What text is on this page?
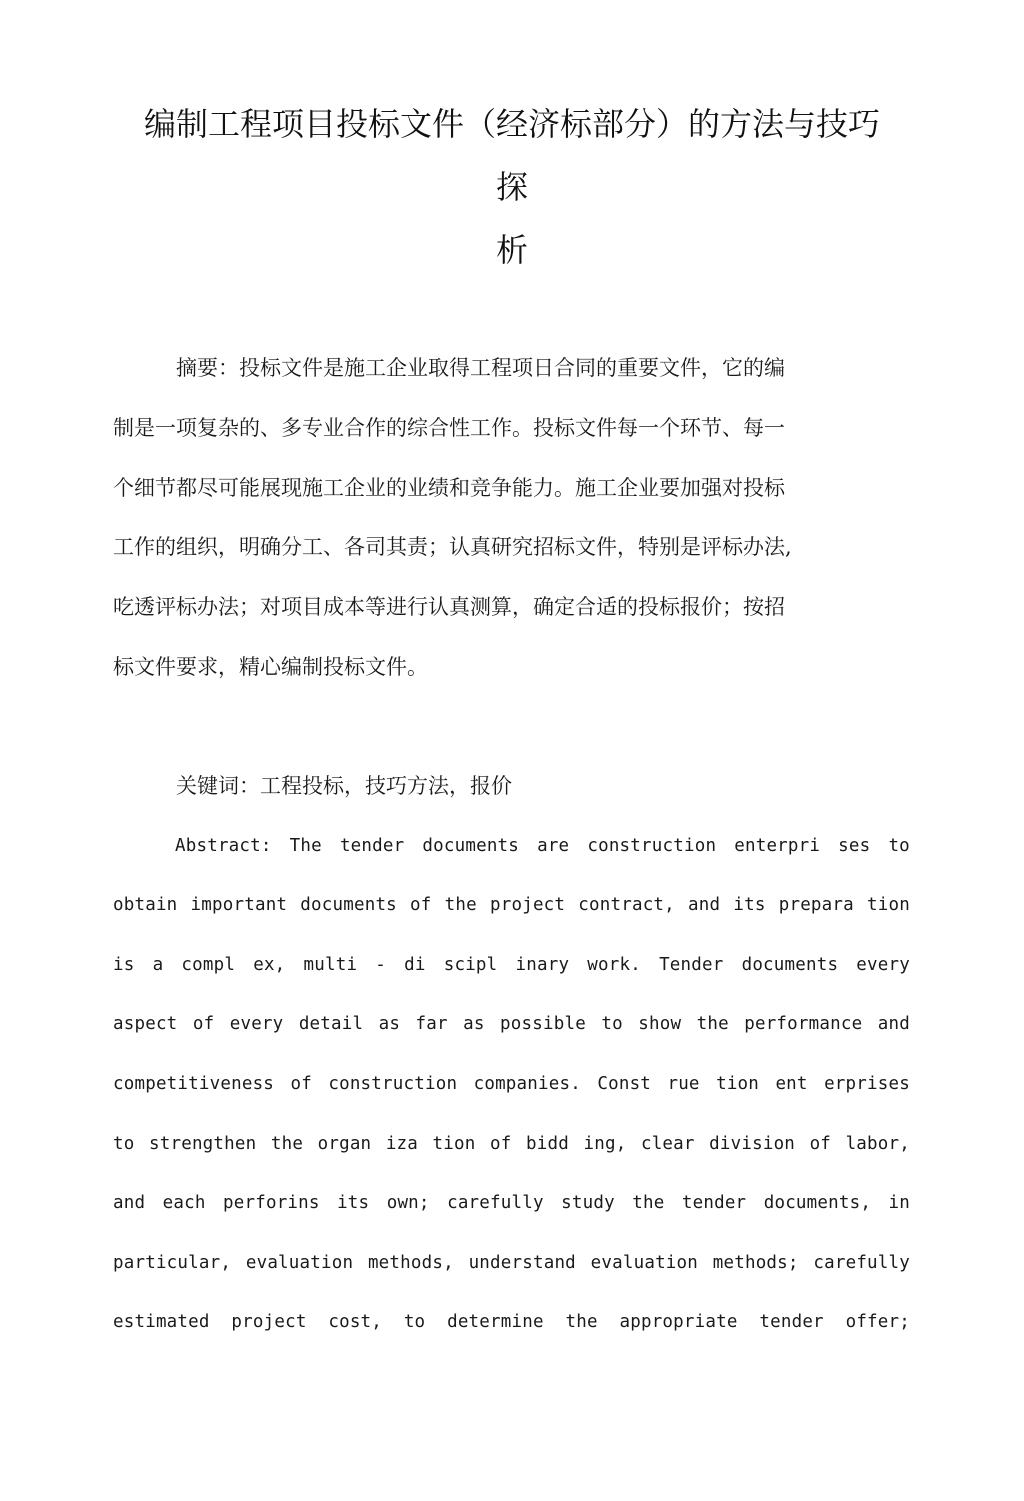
编制工程项目投标文件（经济标部分）的方法与技巧
探
析
摘要：投标文件是施工企业取得工程项日合同的重要文件，它的编
制是一项复杂的、多专业合作的综合性工作。投标文件每一个环节、每一
个细节都尽可能展现施工企业的业绩和竞争能力。施工企业要加强对投标
工作的组织，明确分工、各司其责；认真研究招标文件，特别是评标办法,
吃透评标办法；对项目成本等进行认真测算，确定合适的投标报价；按招
标文件要求，精心编制投标文件。
关键词：工程投标，技巧方法，报价
Abstract: The tender documents are construction enterpri ses to
obtain important documents of the project contract, and its prepara tion
is a compl ex, multi - di scipl inary work. Tender documents every
aspect of every detail as far as possible to show the performance and
competitiveness of construction companies. Const rue tion ent erprises
to strengthen the organ iza tion of bidd ing, clear division of labor,
and each perforins its own; carefully study the tender documents, in
particular, evaluation methods, understand evaluation methods; carefully
estimated project cost, to determine the appropriate tender offer;
